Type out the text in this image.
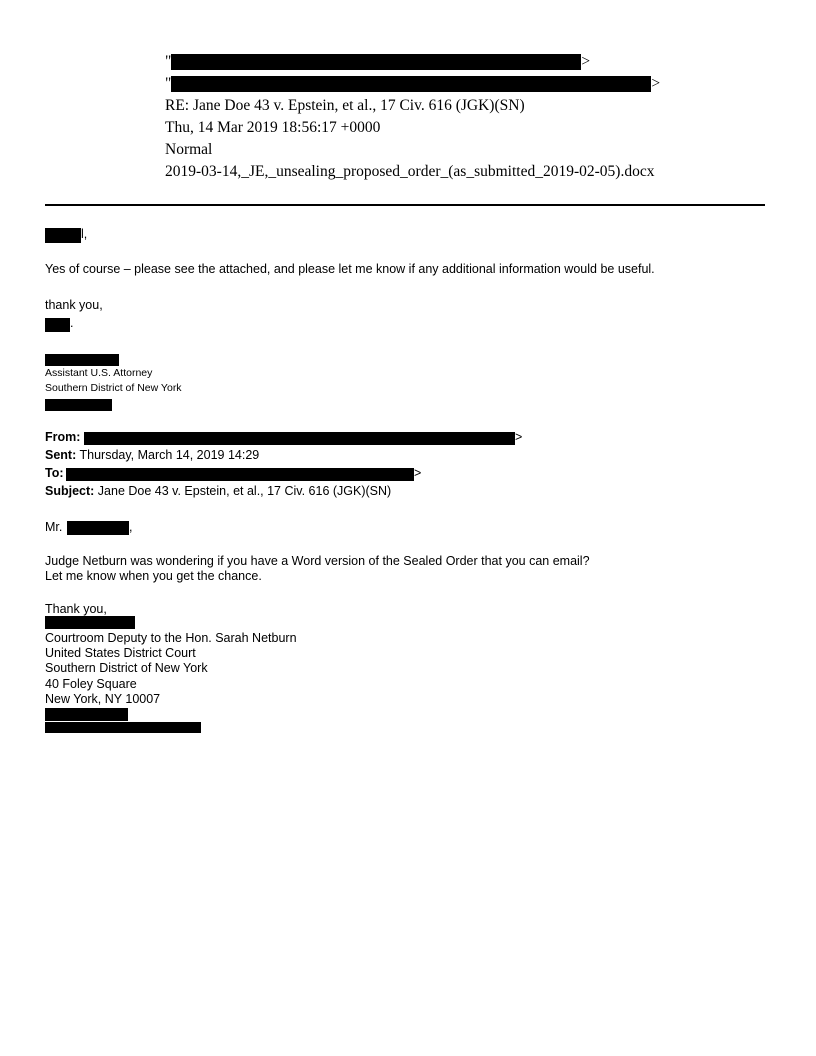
"	>
"	>
RE: Jane Doe 43 v. Epstein, et al., 17 Civ. 616 (JGK)(SN)
Thu, 14 Mar 2019 18:56:17 +0000
Normal
2019-03-14,_JE,_unsealing_proposed_order_(as_submitted_2019-02-05).docx
l,
Yes of course – please see the attached, and please let me know if any additional information would be useful.
thank you,
.
Assistant U.S. Attorney
Southern District of New York
From:	>
Sent: Thursday, March 14, 2019 14:29
To:	>
Subject: Jane Doe 43 v. Epstein, et al., 17 Civ. 616 (JGK)(SN)
Mr.	,
Judge Netburn was wondering if you have a Word version of the Sealed Order that you can email?
Let me know when you get the chance.
Thank you,
Courtroom Deputy to the Hon. Sarah Netburn
United States District Court
Southern District of New York
40 Foley Square
New York, NY 10007
